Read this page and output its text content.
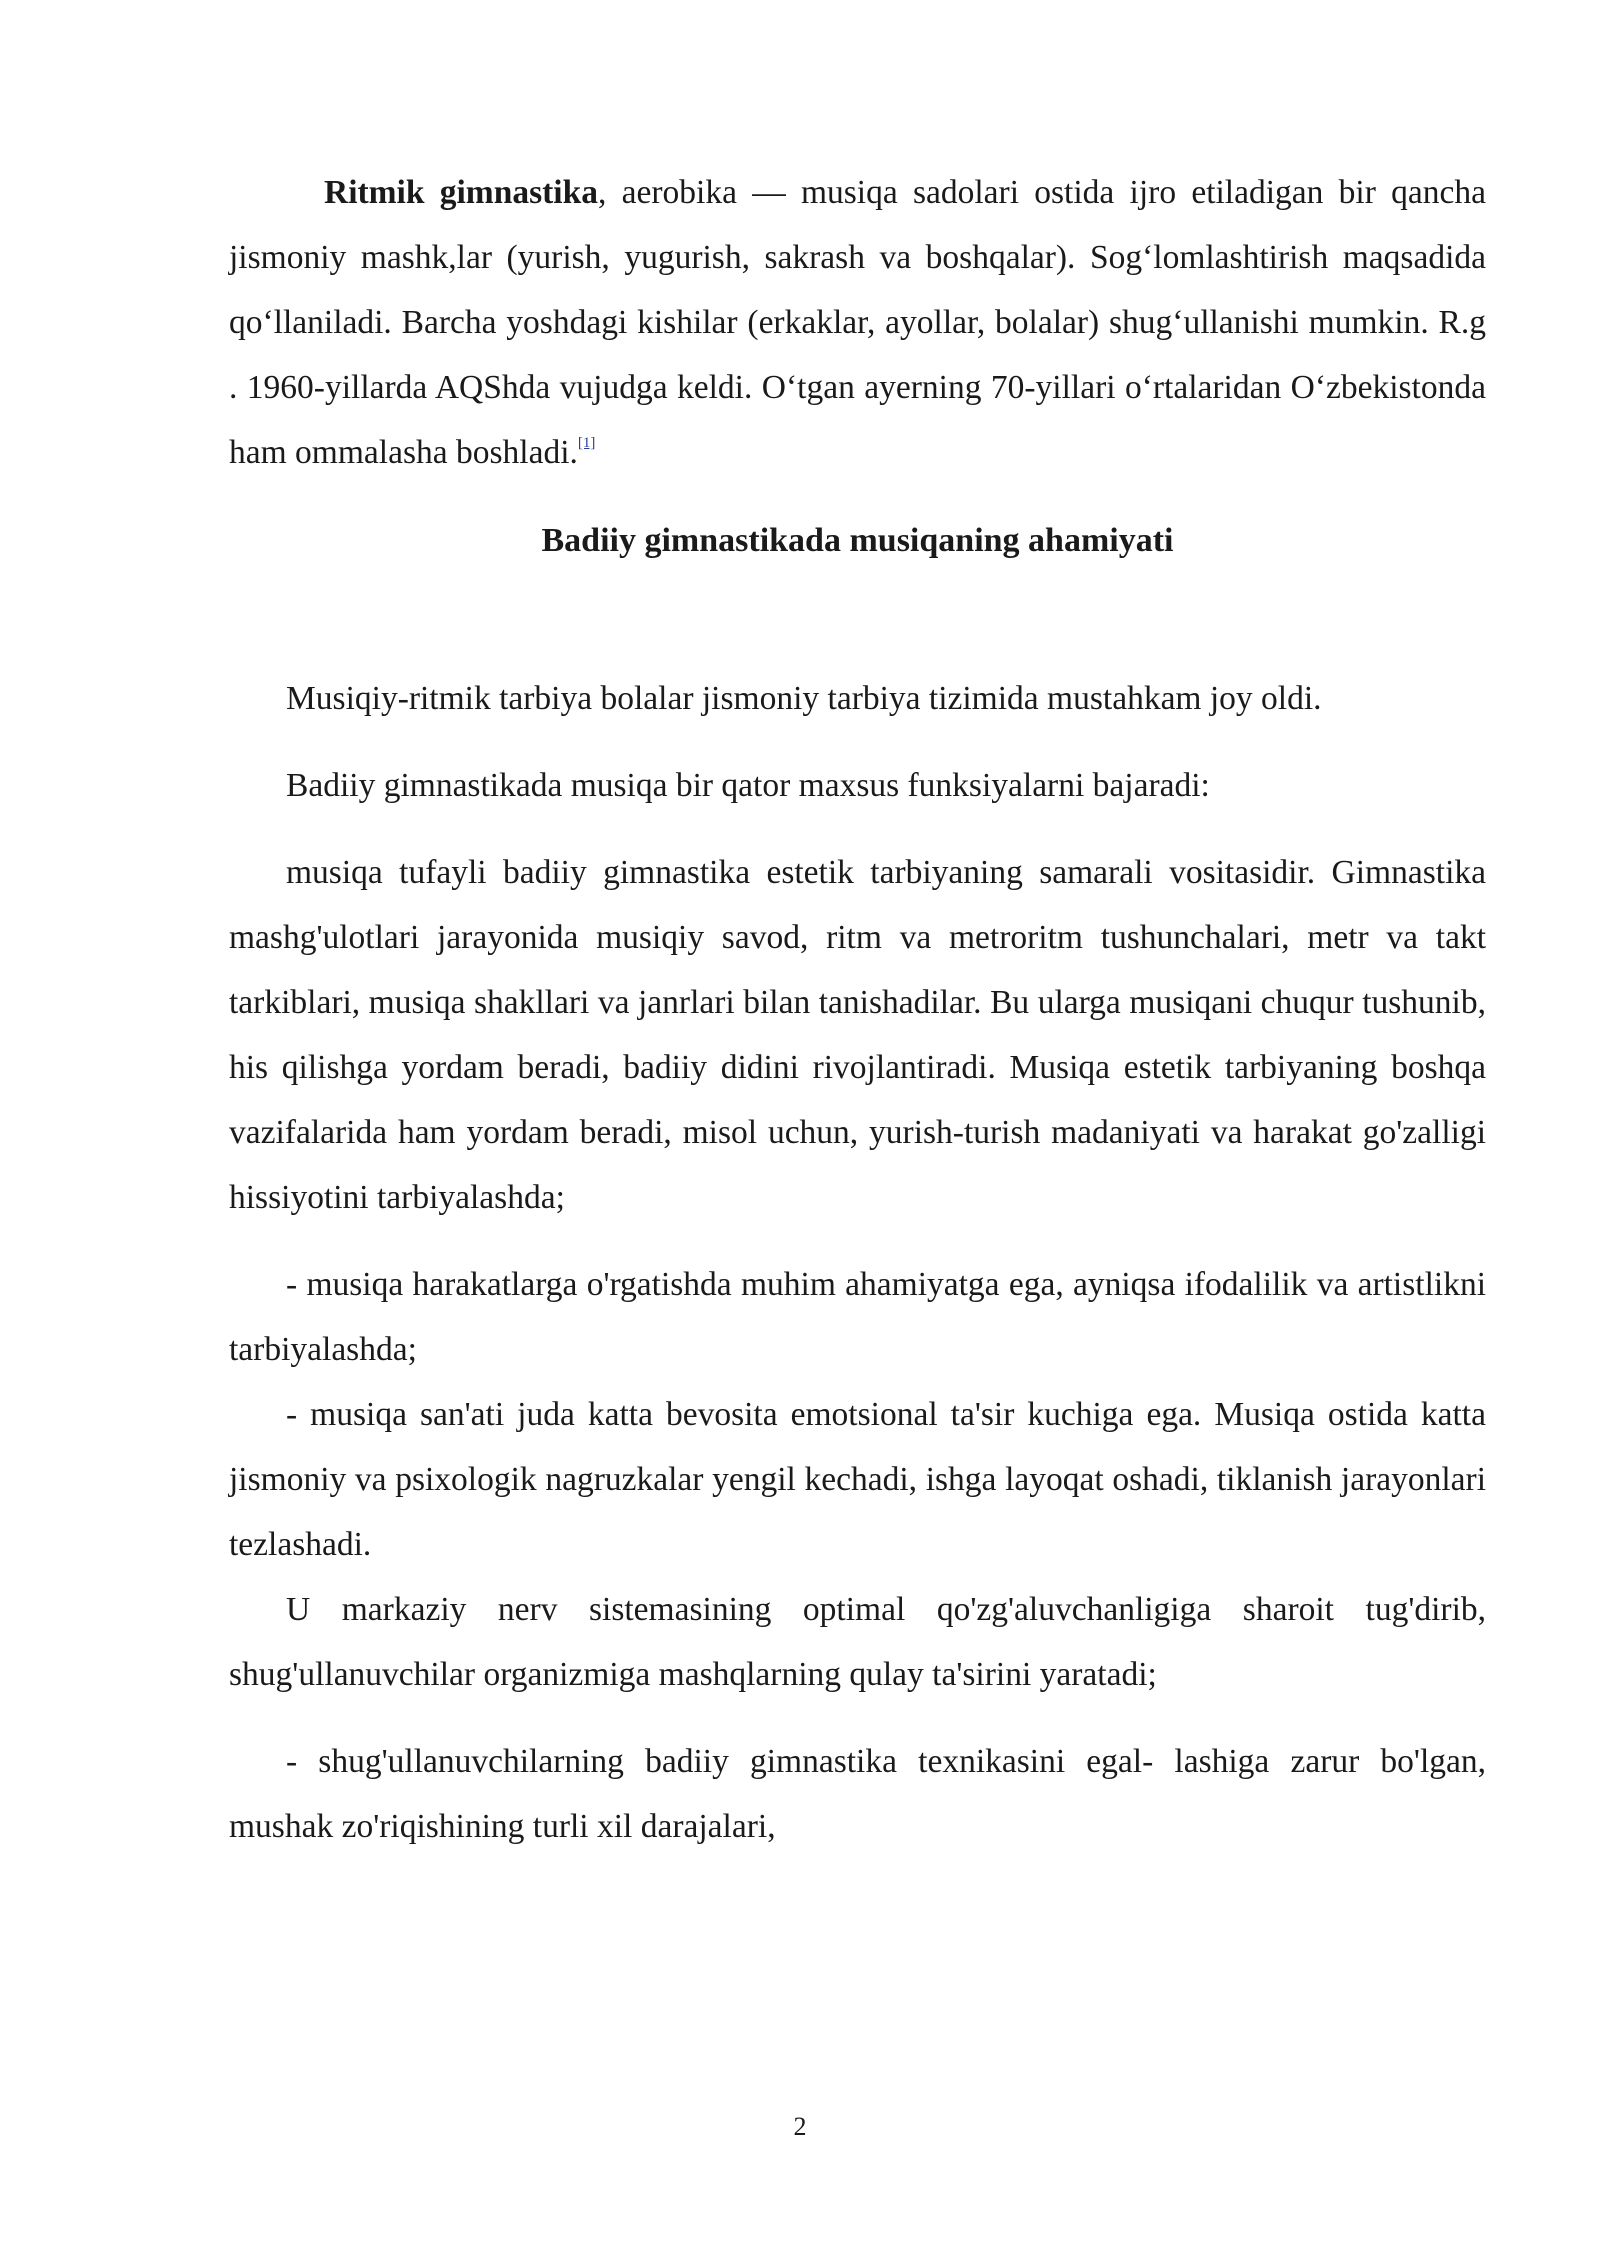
Ritmik gimnastika, aerobika — musiqa sadolari ostida ijro etiladigan bir qancha jismoniy mashk,lar (yurish, yugurish, sakrash va boshqalar). Sog‘lomlashtirish maqsadida qo‘llaniladi. Barcha yoshdagi kishilar (erkaklar, ayollar, bolalar) shug‘ullanishi mumkin. R.g . 1960-yillarda AQShda vujudga keldi. O‘tgan ayerning 70-yillari o‘rtalaridan O‘zbekistonda ham ommalasha boshladi.[1]

Badiiy gimnastikada musiqaning ahamiyati

Musiqiy-ritmik tarbiya bolalar jismoniy tarbiya tizimida mustahkam joy oldi.

Badiiy gimnastikada musiqa bir qator maxsus funksiyalarni bajaradi:

musiqa tufayli badiiy gimnastika estetik tarbiyaning samarali vositasidir. Gimnastika mashg'ulotlari jarayonida musiqiy savod, ritm va metroritm tushunchalari, metr va takt tarkiblari, musiqa shakllari va janrlari bilan tanishadilar. Bu ularga musiqani chuqur tushunib, his qilishga yordam beradi, badiiy didini rivojlantiradi. Musiqa estetik tarbiyaning boshqa vazifalarida ham yordam beradi, misol uchun, yurish-turish madaniyati va harakat go'zalligi hissiyotini tarbiyalashda;

- musiqa harakatlarga o'rgatishda muhim ahamiyatga ega, ayniqsa ifodalilik va artistlikni tarbiyalashda;

- musiqa san'ati juda katta bevosita emotsional ta'sir kuchiga ega. Musiqa ostida katta jismoniy va psixologik nagruzkalar yengil kechadi, ishga layoqat oshadi, tiklanish jarayonlari tezlashadi.

U markaziy nerv sistemasining optimal qo'zg'aluvchanligiga sharoit tug'dirib, shug'ullanuvchilar organizmiga mashqlarning qulay ta'sirini yaratadi;

- shug'ullanuvchilarning badiiy gimnastika texnikasini egal- lashiga zarur bo'lgan, mushak zo'riqishining turli xil darajalari,

2
